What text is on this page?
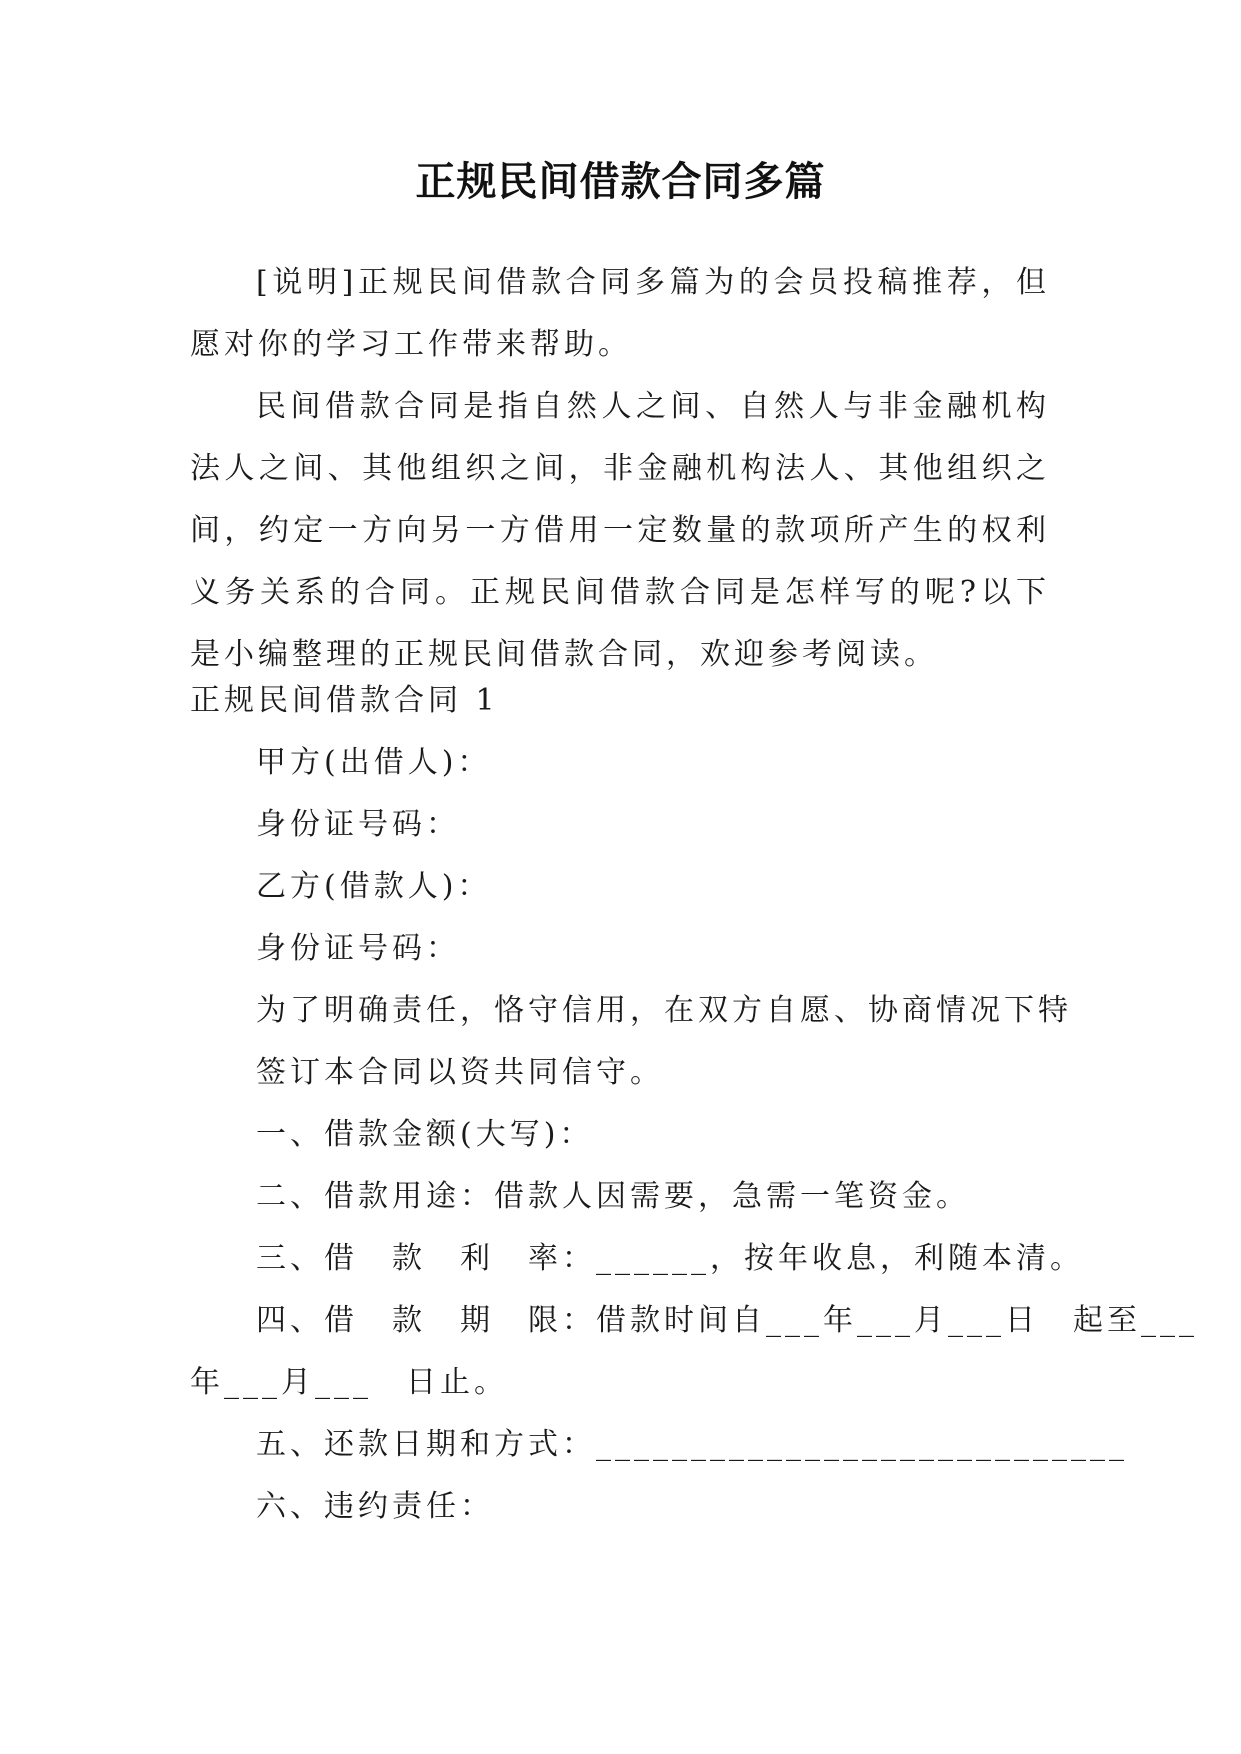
正规民间借款合同多篇

[说明]正规民间借款合同多篇为的会员投稿推荐，但愿对你的学习工作带来帮助。

民间借款合同是指自然人之间、自然人与非金融机构法人之间、其他组织之间，非金融机构法人、其他组织之间，约定一方向另一方借用一定数量的款项所产生的权利义务关系的合同。正规民间借款合同是怎样写的呢?以下是小编整理的正规民间借款合同，欢迎参考阅读。

正规民间借款合同 1
甲方(出借人)：
身份证号码：
乙方(借款人)：
身份证号码：
为了明确责任，恪守信用，在双方自愿、协商情况下特
签订本合同以资共同信守。
一、借款金额(大写)：
二、借款用途：借款人因需要，急需一笔资金。
三、借　款　利　率：______，按年收息，利随本清。
四、借　款　期　限：借款时间自___年___月___日　起至___
年___月___　日止。
五、还款日期和方式：____________________________
六、违约责任：
